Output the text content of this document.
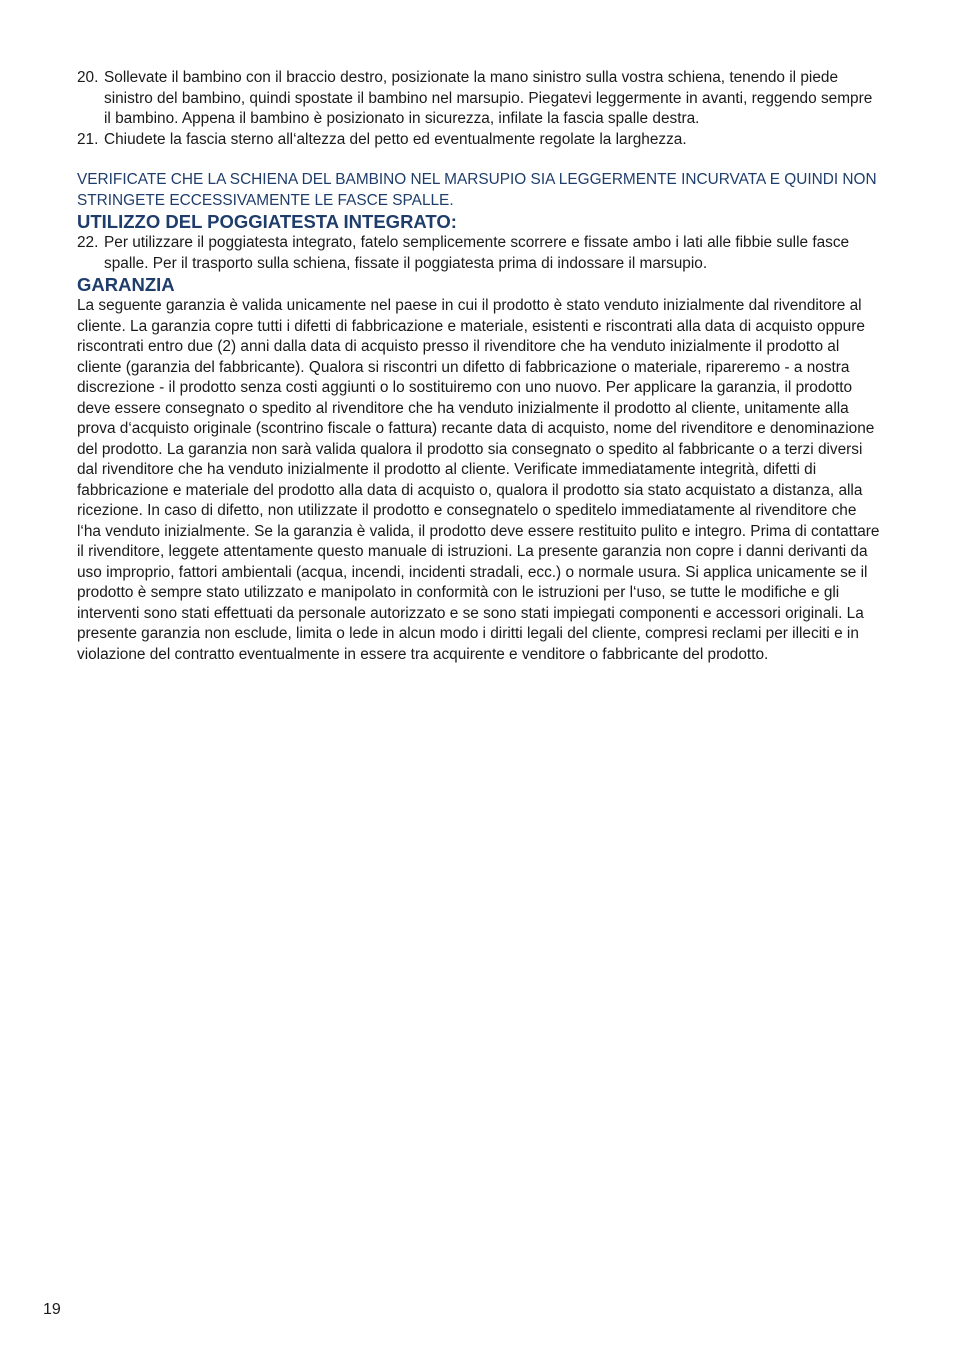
20. Sollevate il bambino con il braccio destro, posizionate la mano sinistro sulla vostra schiena, tenendo il piede sinistro del bambino, quindi spostate il bambino nel marsupio. Piegatevi leggermente in avanti, reggendo sempre il bambino. Appena il bambino è posizionato in sicurezza, infilate la fascia spalle destra.
21. Chiudete la fascia sterno all‘altezza del petto ed eventualmente regolate la larghezza.

VERIFICATE CHE LA SCHIENA DEL BAMBINO NEL MARSUPIO SIA LEGGERMENTE INCURVATA E QUINDI NON STRINGETE ECCESSIVAMENTE LE FASCE SPALLE.

UTILIZZO DEL POGGIATESTA INTEGRATO:
22. Per utilizzare il poggiatesta integrato, fatelo semplicemente scorrere e fissate ambo i lati alle fibbie sulle fasce spalle. Per il trasporto sulla schiena, fissate il poggiatesta prima di indossare il marsupio.
GARANZIA

La seguente garanzia è valida unicamente nel paese in cui il prodotto è stato venduto inizialmente dal rivenditore al cliente. La garanzia copre tutti i difetti di fabbricazione e materiale, esistenti e riscontrati alla data di acquisto oppure riscontrati entro due (2) anni dalla data di acquisto presso il rivenditore che ha venduto inizialmente il prodotto al cliente (garanzia del fabbricante). Qualora si riscontri un difetto di fabbricazione o materiale, ripareremo - a nostra discrezione - il prodotto senza costi aggiunti o lo sostituiremo con uno nuovo. Per applicare la garanzia, il prodotto deve essere consegnato o spedito al rivenditore che ha venduto inizialmente il prodotto al cliente, unitamente alla prova d‘acquisto originale (scontrino fiscale o fattura) recante data di acquisto, nome del rivenditore e denominazione del prodotto. La garanzia non sarà valida qualora il prodotto sia consegnato o spedito al fabbricante o a terzi diversi dal rivenditore che ha venduto inizialmente il prodotto al cliente. Verificate immediatamente integrità, difetti di fabbricazione e materiale del prodotto alla data di acquisto o, qualora il prodotto sia stato acquistato a distanza, alla ricezione. In caso di difetto, non utilizzate il prodotto e consegnatelo o speditelo immediatamente al rivenditore che l‘ha venduto inizialmente. Se la garanzia è valida, il prodotto deve essere restituito pulito e integro. Prima di contattare il rivenditore, leggete attentamente questo manuale di istruzioni. La presente garanzia non copre i danni derivanti da uso improprio, fattori ambientali (acqua, incendi, incidenti stradali, ecc.) o normale usura. Si applica unicamente se il prodotto è sempre stato utilizzato e manipolato in conformità con le istruzioni per l‘uso, se tutte le modifiche e gli interventi sono stati effettuati da personale autorizzato e se sono stati impiegati componenti e accessori originali. La presente garanzia non esclude, limita o lede in alcun modo i diritti legali del cliente, compresi reclami per illeciti e in violazione del contratto eventualmente in essere tra acquirente e venditore o fabbricante del prodotto.

19
